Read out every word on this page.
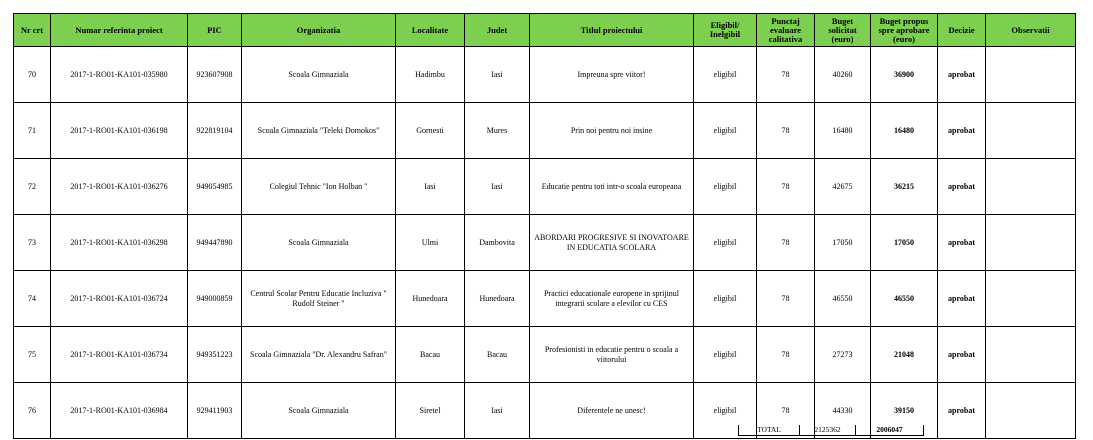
Nr crt	Numar referinta proiect	PIC	Organizatia	Localitate	Judet	Titlul proiectului	Eligibil/ Inelgibil	Punctaj evaluare calitativa	Buget solicitat (euro)	Buget propus spre aprobare (euro)	Decizie	Observatii
70	2017-1-RO01-KA101-035980	923607908	Scoala Gimnaziala	Hadimbu	Iasi	Impreuna spre viitor!	eligibil	78	40260	36900	aprobat	
71	2017-1-RO01-KA101-036198	922819104	Scoala Gimnaziala "Teleki Domokos"	Gornesti	Mures	Prin noi pentru noi insine	eligibil	78	16480	16480	aprobat	
72	2017-1-RO01-KA101-036276	949054985	Colegiul Tehnic "Ion Holban "	Iasi	Iasi	Educatie pentru toti intr-o scoala europeana	eligibil	78	42675	36215	aprobat	
73	2017-1-RO01-KA101-036298	949447890	Scoala Gimnaziala	Ulmi	Dambovita	ABORDARI PROGRESIVE SI INOVATOARE IN EDUCATIA SCOLARA	eligibil	78	17050	17050	aprobat	
74	2017-1-RO01-KA101-036724	949000859	Centrul Scolar Pentru Educatie Incluziva " Rudolf Steiner "	Hunedoara	Hunedoara	Practici educationale europene in sprijinul integrarii scolare a elevilor cu CES	eligibil	78	46550	46550	aprobat	
75	2017-1-RO01-KA101-036734	949351223	Scoala Gimnaziala "Dr. Alexandru Safran"	Bacau	Bacau	Profesionisti in educatie pentru o scoala a viitorului	eligibil	78	27273	21048	aprobat	
76	2017-1-RO01-KA101-036984	929411903	Scoala Gimnaziala	Siretel	Iasi	Diferentele ne unesc!	eligibil	78	44330	39150	aprobat	
TOTAL	2125362	2006047
